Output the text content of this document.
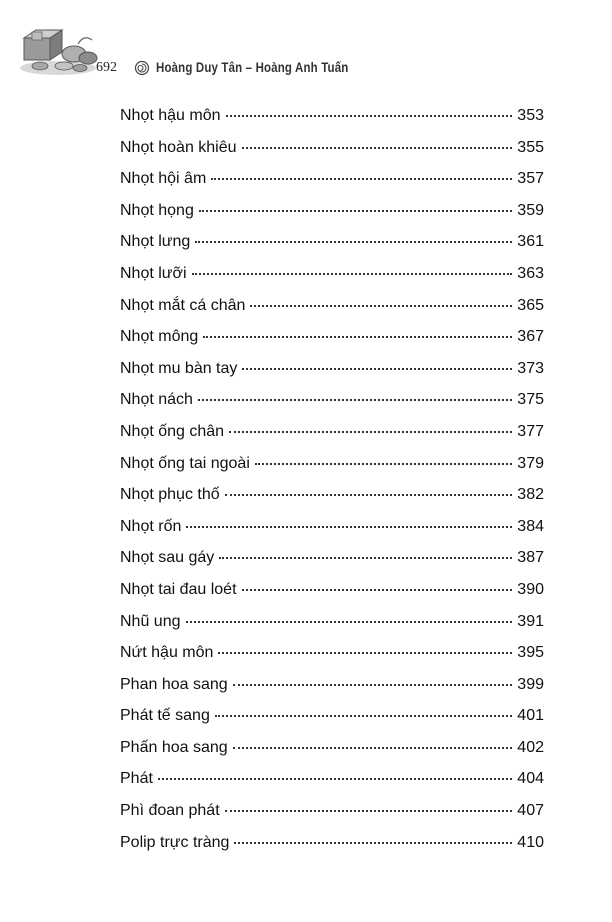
692	Hoàng Duy Tân – Hoàng Anh Tuấn
Nhọt hậu môn	353
Nhọt hoàn khiêu	355
Nhọt hội âm	357
Nhọt họng	359
Nhọt lưng	361
Nhọt lưỡi	363
Nhọt mắt cá chân	365
Nhọt mông	367
Nhọt mu bàn tay	373
Nhọt nách	375
Nhọt ống chân	377
Nhọt ống tai ngoài	379
Nhọt phục thố	382
Nhọt rốn	384
Nhọt sau gáy	387
Nhọt tai đau loét	390
Nhũ ung	391
Nứt hậu môn	395
Phan hoa sang	399
Phát tế sang	401
Phấn hoa sang	402
Phát	404
Phì đoan phát	407
Polip trực tràng	410
